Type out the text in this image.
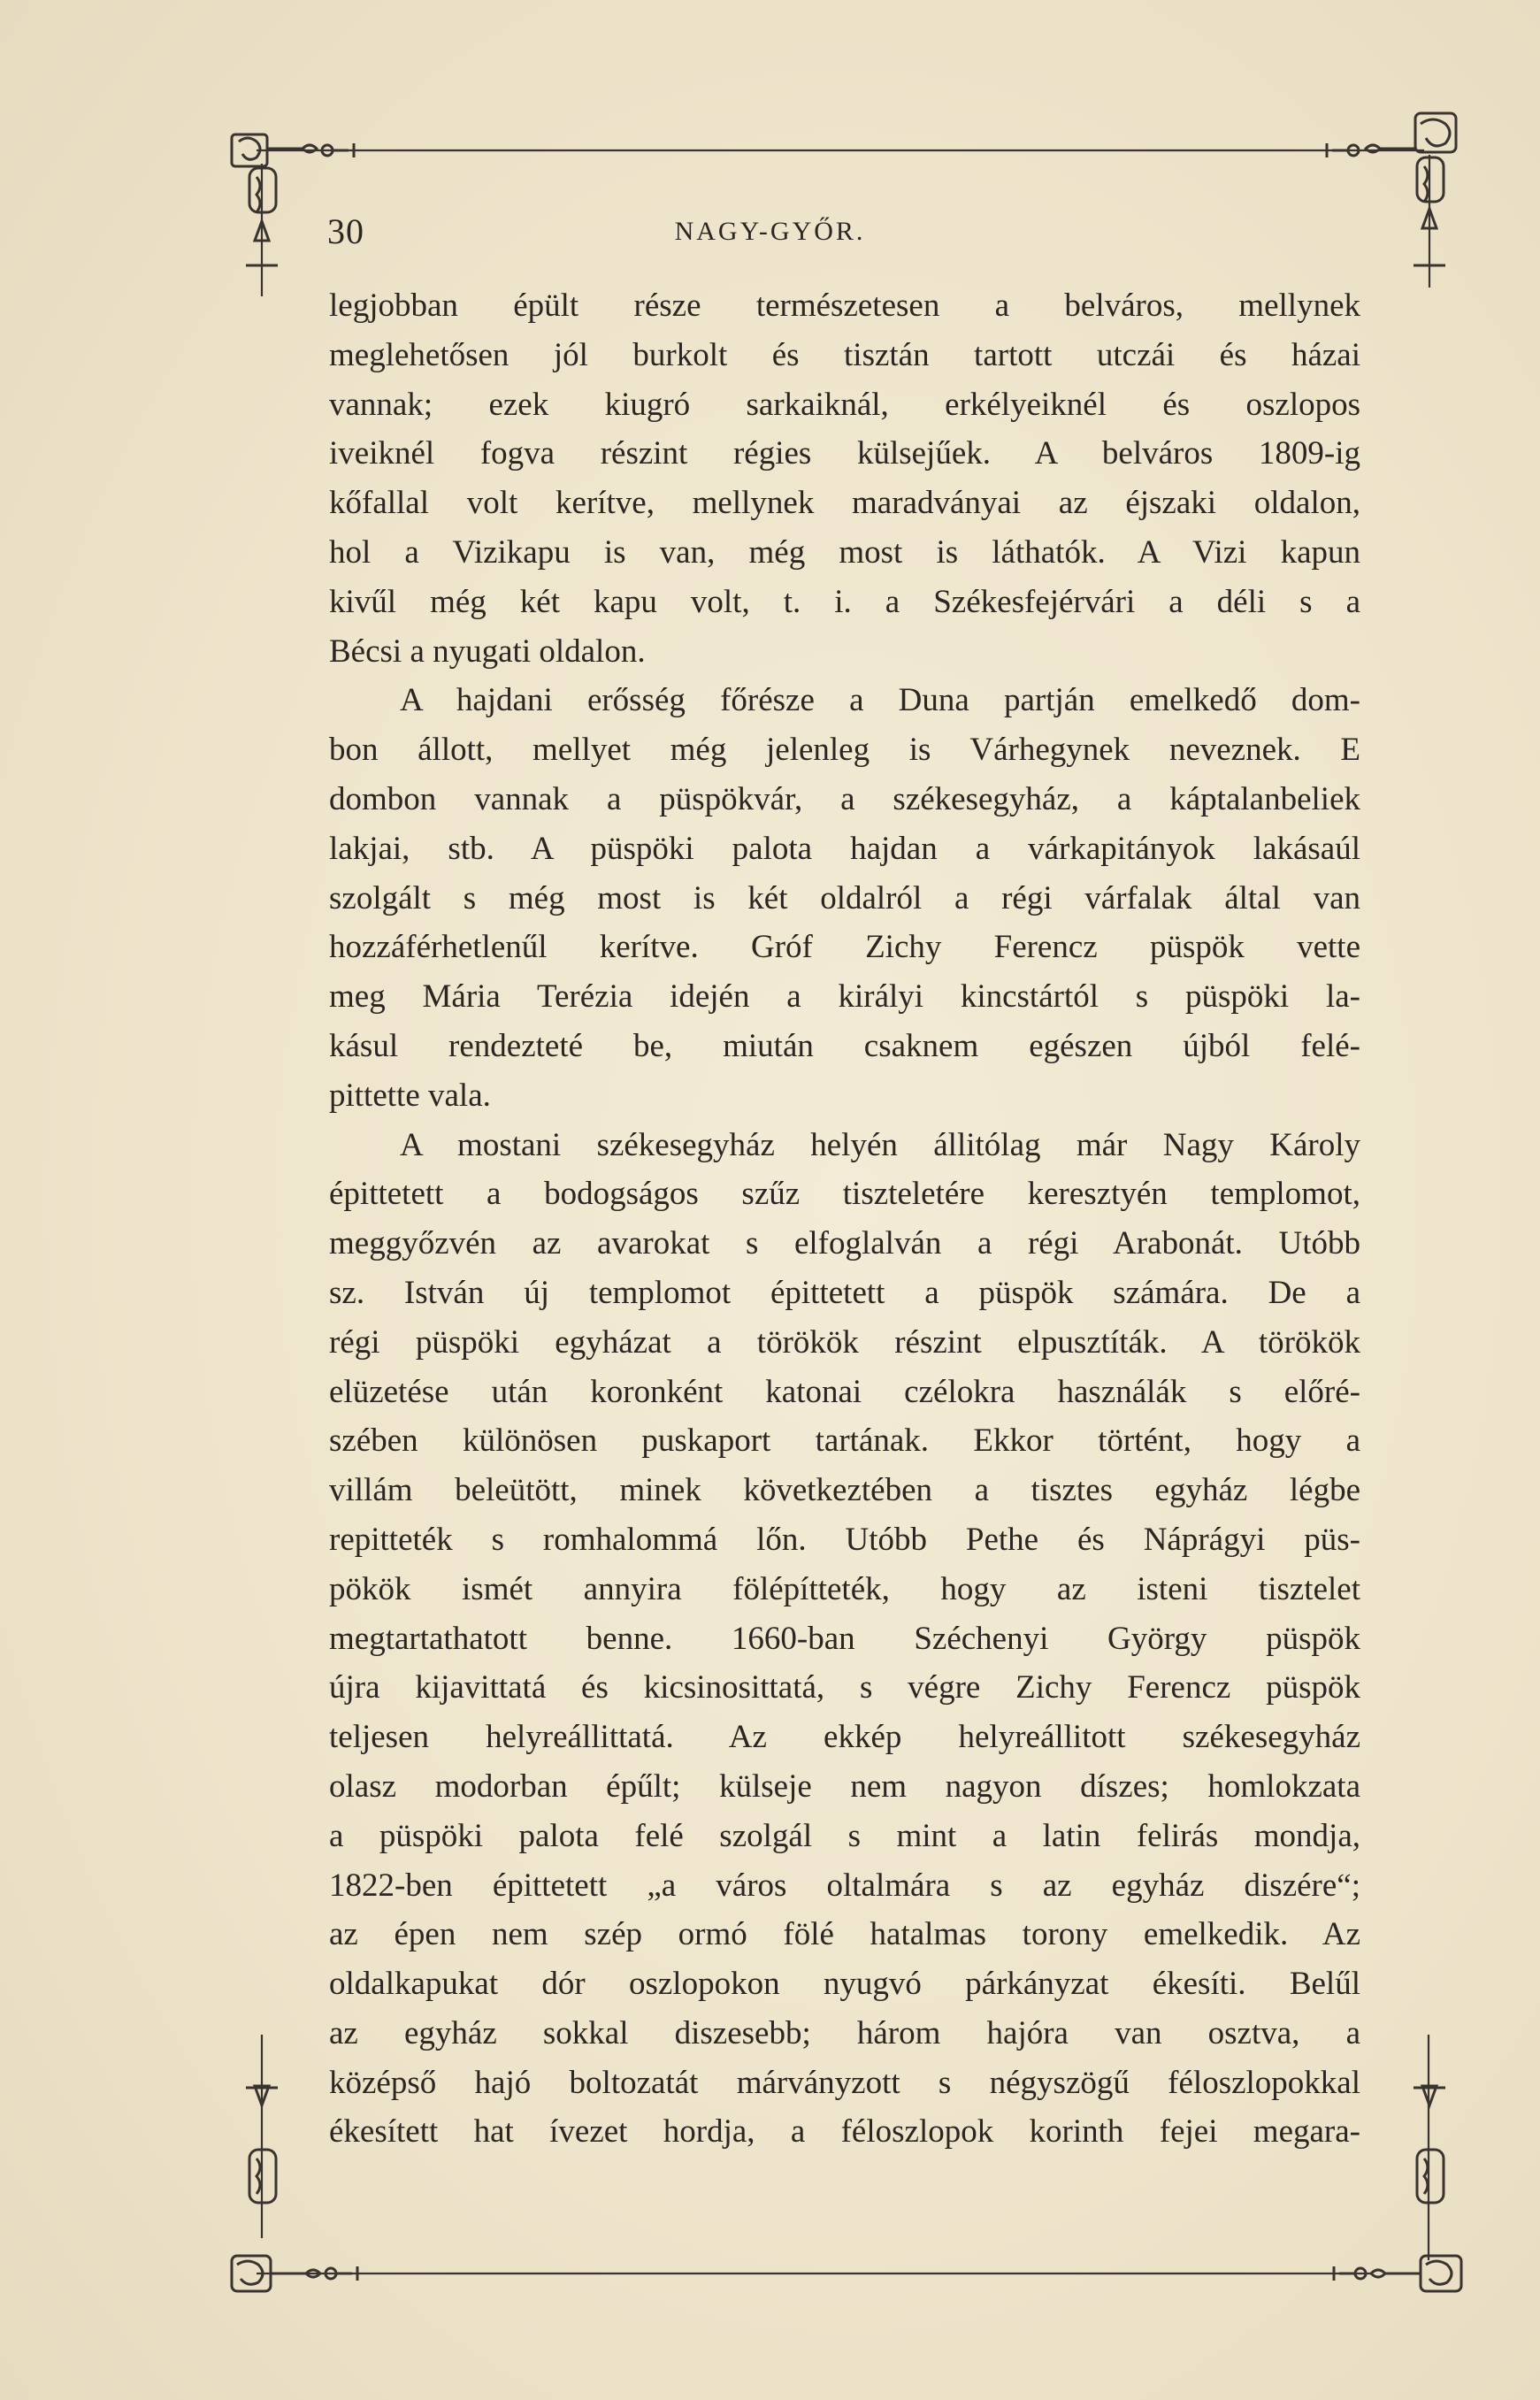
30	NAGY-GYŐR.
legjobban épült része természetesen a belváros, mellynek
meglehetősen jól burkolt és tisztán tartott utczái és házai
vannak; ezek kiugró sarkaiknál, erkélyeiknél és oszlopos
iveiknél fogva részint régies külsejűek. A belváros 1809-ig
kőfallal volt kerítve, mellynek maradványai az éjszaki oldalon,
hol a Vizikapu is van, még most is láthatók. A Vizi kapun
kivűl még két kapu volt, t. i. a Székesfejérvári a déli s a
Bécsi a nyugati oldalon.
A hajdani erősség főrésze a Duna partján emelkedő dom-
bon állott, mellyet még jelenleg is Várhegynek neveznek. E
dombon vannak a püspökvár, a székesegyház, a káptalanbeliek
lakjai, stb. A püspöki palota hajdan a várkapitányok lakásaúl
szolgált s még most is két oldalról a régi várfalak által van
hozzáférhetlenűl kerítve. Gróf Zichy Ferencz püspök vette
meg Mária Terézia idején a királyi kincstártól s püspöki la-
kásul rendezteté be, miután csaknem egészen újból felé-
pittette vala.
A mostani székesegyház helyén állitólag már Nagy Károly
épittetett a bodogságos szűz tiszteletére keresztyén templomot,
meggyőzvén az avarokat s elfoglalván a régi Arabonát. Utóbb
sz. István új templomot épittetett a püspök számára. De a
régi püspöki egyházat a törökök részint elpusztíták. A törökök
elüzetése után koronként katonai czélokra használák s előré-
szében különösen puskaport tartának. Ekkor történt, hogy a
villám beleütött, minek következtében a tisztes egyház légbe
repitteték s romhalommá lőn. Utóbb Pethe és Náprágyi püs-
pökök ismét annyira fölépítteték, hogy az isteni tisztelet
megtartathatott benne. 1660-ban Széchenyi György püspök
újra kijavittatá és kicsinosittatá, s végre Zichy Ferencz püspök
teljesen helyreállittatá. Az ekkép helyreállitott székesegyház
olasz modorban épűlt; külseje nem nagyon díszes; homlokzata
a püspöki palota felé szolgál s mint a latin felirás mondja,
1822-ben épittetett „a város oltalmára s az egyház diszére“;
az épen nem szép ormó fölé hatalmas torony emelkedik. Az
oldalkapukat dór oszlopokon nyugvó párkányzat ékesíti. Belűl
az egyház sokkal diszesebb; három hajóra van osztva, a
középső hajó boltozatát márványzott s négyszögű féloszlopokkal
ékesített hat ívezet hordja, a féloszlopok korinth fejei megara-
